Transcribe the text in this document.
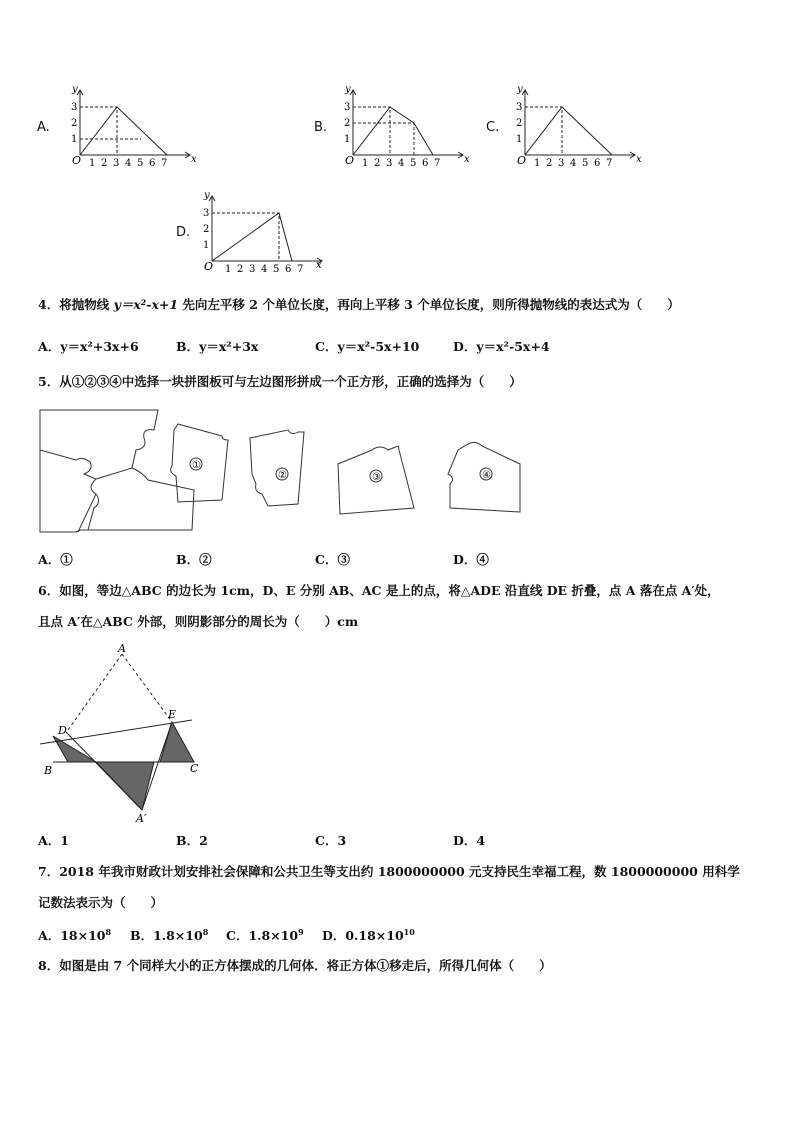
A.
O
y
x
3
2
1
1 2 3 4 5 6 7
B.
O
y
x
3
2
1
1 2 3 4 5 6 7
C.
O
y
x
3
2
1
1 2 3 4 5 6 7
D.
O
y
x
3
2
1
1 2 3 4 5 6 7
4．将抛物线 y＝x²-x+1 先向左平移 2 个单位长度，再向上平移 3 个单位长度，则所得抛物线的表达式为（　　）
A．y＝x²+3x+6	B．y＝x²+3x	C．y＝x²-5x+10	D．y＝x²-5x+4
5．从①②③④中选择一块拼图板可与左边图形拼成一个正方形，正确的选择为（　　）
①
②	③	④
A．①	B．②	C．③	D．④
6．如图，等边△ABC 的边长为 1cm，D、E 分别 AB、AC 是上的点，将△ADE 沿直线 DE 折叠，点 A 落在点 A′处，
且点 A′在△ABC 外部，则阴影部分的周长为（　　）cm
A
D
E
B	C
A′
A．1	B．2	C．3	D．4
7．2018 年我市财政计划安排社会保障和公共卫生等支出约 1800000000 元支持民生幸福工程，数 1800000000 用科学
记数法表示为（　　）
A．$18\times 10^8$ B．$1.8\times 10^8$ C．$1.8\times 10^9$ D．$0.18\times 10^{10}$
8．如图是由 7 个同样大小的正方体摆成的几何体．将正方体①移走后，所得几何体（　　）
